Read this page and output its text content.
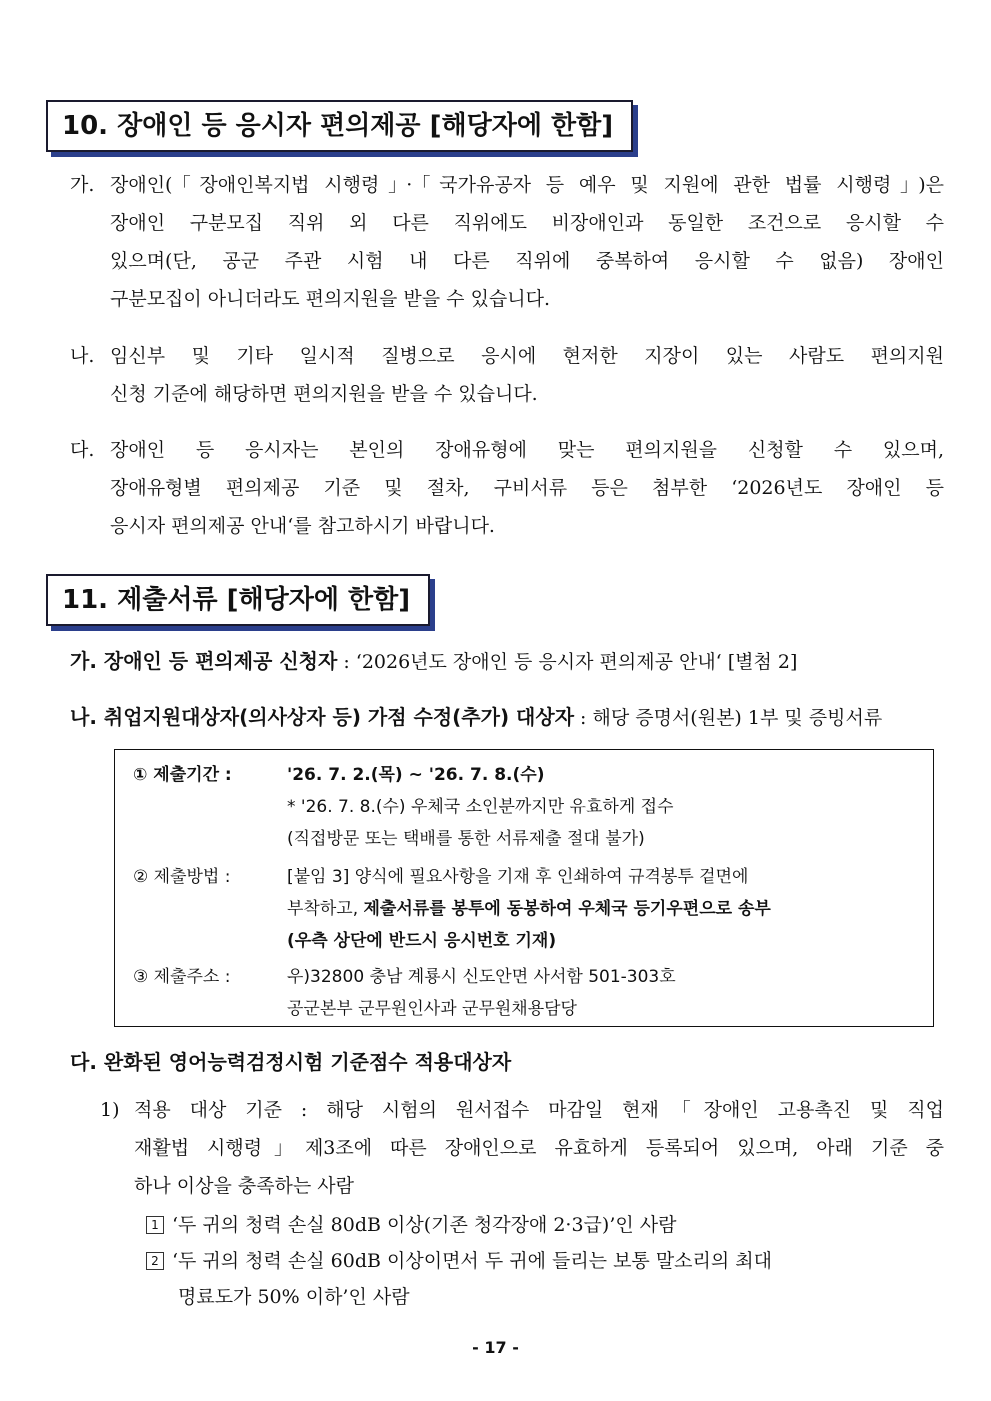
10. 장애인 등 응시자 편의제공 [해당자에 한함]
가. 장애인(「장애인복지법 시행령」·「국가유공자 등 예우 및 지원에 관한 법률 시행령」)은
장애인 구분모집 직위 외 다른 직위에도 비장애인과 동일한 조건으로 응시할 수
있으며(단, 공군 주관 시험 내 다른 직위에 중복하여 응시할 수 없음) 장애인
구분모집이 아니더라도 편의지원을 받을 수 있습니다.
나. 임신부 및 기타 일시적 질병으로 응시에 현저한 지장이 있는 사람도 편의지원
신청 기준에 해당하면 편의지원을 받을 수 있습니다.
다. 장애인 등 응시자는 본인의 장애유형에 맞는 편의지원을 신청할 수 있으며,
장애유형별 편의제공 기준 및 절차, 구비서류 등은 첨부한 ‘2026년도 장애인 등
응시자 편의제공 안내‘를 참고하시기 바랍니다.
11. 제출서류 [해당자에 한함]
가. 장애인 등 편의제공 신청자 : ‘2026년도 장애인 등 응시자 편의제공 안내‘ [별첨 2]
나. 취업지원대상자(의사상자 등) 가점 수정(추가) 대상자 : 해당 증명서(원본) 1부 및 증빙서류
① 제출기간 :	'26. 7. 2.(목) ~ '26. 7. 8.(수)
* '26. 7. 8.(수) 우체국 소인분까지만 유효하게 접수
(직접방문 또는 택배를 통한 서류제출 절대 불가)
② 제출방법 :	[붙임 3] 양식에 필요사항을 기재 후 인쇄하여 규격봉투 겉면에
부착하고, 제출서류를 봉투에 동봉하여 우체국 등기우편으로 송부
(우측 상단에 반드시 응시번호 기재)
③ 제출주소 :	우)32800 충남 계룡시 신도안면 사서함 501-303호
공군본부 군무원인사과 군무원채용담당
다. 완화된 영어능력검정시험 기준점수 적용대상자
1) 적용 대상 기준 : 해당 시험의 원서접수 마감일 현재「장애인 고용촉진 및 직업
재활법 시행령」제3조에 따른 장애인으로 유효하게 등록되어 있으며, 아래 기준 중
하나 이상을 충족하는 사람
1 ‘두 귀의 청력 손실 80dB 이상(기존 청각장애 2·3급)’인 사람
2 ‘두 귀의 청력 손실 60dB 이상이면서 두 귀에 들리는 보통 말소리의 최대
명료도가 50% 이하’인 사람
- 17 -
